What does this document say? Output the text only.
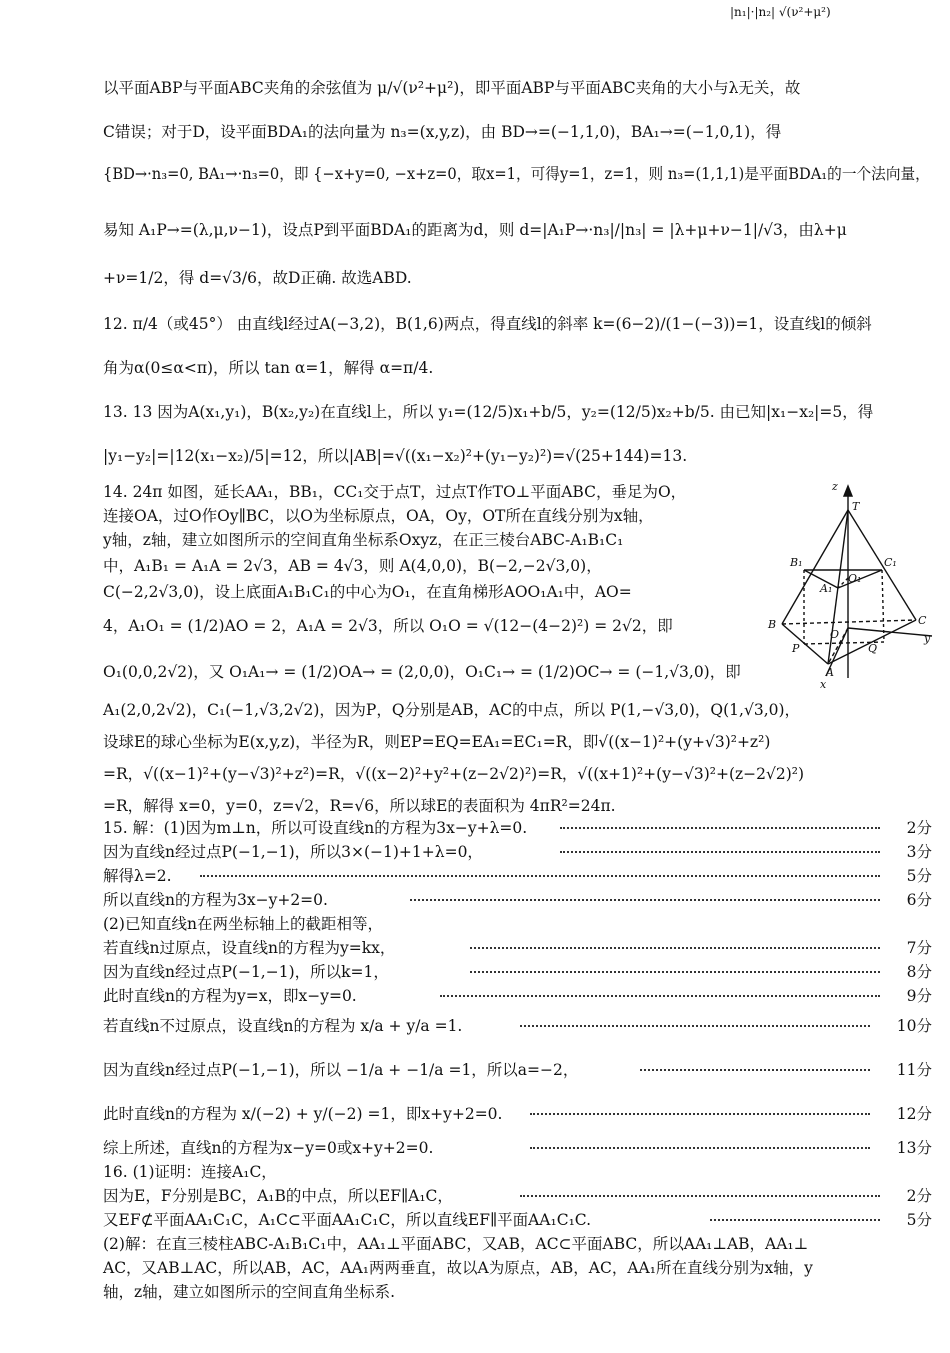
|n₁|·|n₂| √(ν²+μ²)
以平面ABP与平面ABC夹角的余弦值为 μ/√(ν²+μ²)，即平面ABP与平面ABC夹角的大小与λ无关，故
C错误；对于D，设平面BDA₁的法向量为 n₃=(x,y,z)，由 BD→=(−1,1,0)，BA₁→=(−1,0,1)，得
{BD→·n₃=0, BA₁→·n₃=0，即 {−x+y=0, −x+z=0，取x=1，可得y=1，z=1，则 n₃=(1,1,1)是平面BDA₁的一个法向量，
易知 A₁P→=(λ,μ,ν−1)，设点P到平面BDA₁的距离为d，则 d=|A₁P→·n₃|/|n₃| = |λ+μ+ν−1|/√3，由λ+μ
+ν=1/2，得 d=√3/6，故D正确. 故选ABD.
12. π/4（或45°） 由直线l经过A(−3,2)，B(1,6)两点，得直线l的斜率 k=(6−2)/(1−(−3))=1，设直线l的倾斜
角为α(0≤α<π)，所以 tan α=1，解得 α=π/4.
13. 13 因为A(x₁,y₁)，B(x₂,y₂)在直线l上，所以 y₁=(12/5)x₁+b/5，y₂=(12/5)x₂+b/5. 由已知|x₁−x₂|=5，得
|y₁−y₂|=|12(x₁−x₂)/5|=12，所以|AB|=√((x₁−x₂)²+(y₁−y₂)²)=√(25+144)=13.
14. 24π 如图，延长AA₁，BB₁，CC₁交于点T，过点T作TO⊥平面ABC，垂足为O，
连接OA，过O作Oy∥BC，以O为坐标原点，OA，Oy，OT所在直线分别为x轴，
y轴，z轴，建立如图所示的空间直角坐标系Oxyz，在正三棱台ABC-A₁B₁C₁
中，A₁B₁ = A₁A = 2√3，AB = 4√3，则 A(4,0,0)，B(−2,−2√3,0)，
C(−2,2√3,0)，设上底面A₁B₁C₁的中心为O₁，在直角梯形AOO₁A₁中，AO=
4，A₁O₁ = (1/2)AO = 2，A₁A = 2√3，所以 O₁O = √(12−(4−2)²) = 2√2，即
O₁(0,0,2√2)，又 O₁A₁→ = (1/2)OA→ = (2,0,0)，O₁C₁→ = (1/2)OC→ = (−1,√3,0)，即
A₁(2,0,2√2)，C₁(−1,√3,2√2)，因为P，Q分别是AB，AC的中点，所以 P(1,−√3,0)，Q(1,√3,0)，
设球E的球心坐标为E(x,y,z)，半径为R，则EP=EQ=EA₁=EC₁=R，即√((x−1)²+(y+√3)²+z²)
=R，√((x−1)²+(y−√3)²+z²)=R，√((x−2)²+y²+(z−2√2)²)=R，√((x+1)²+(y−√3)²+(z−2√2)²)
=R，解得 x=0，y=0，z=√2，R=√6，所以球E的表面积为 4πR²=24π.
z
T
B₁	C₁
O₁
A₁
B	C
O
P	Q
A
y
x
15. 解：(1)因为m⊥n，所以可设直线n的方程为3x−y+λ=0.	2分
因为直线n经过点P(−1,−1)，所以3×(−1)+1+λ=0，	3分
解得λ=2.	5分
所以直线n的方程为3x−y+2=0.	6分
(2)已知直线n在两坐标轴上的截距相等，
若直线n过原点，设直线n的方程为y=kx，	7分
因为直线n经过点P(−1,−1)，所以k=1，	8分
此时直线n的方程为y=x，即x−y=0.	9分
若直线n不过原点，设直线n的方程为 x/a + y/a =1.	10分
因为直线n经过点P(−1,−1)，所以 −1/a + −1/a =1，所以a=−2，	11分
此时直线n的方程为 x/(−2) + y/(−2) =1，即x+y+2=0.	12分
综上所述，直线n的方程为x−y=0或x+y+2=0.	13分
16. (1)证明：连接A₁C，
因为E，F分别是BC，A₁B的中点，所以EF∥A₁C，	2分
又EF⊄平面AA₁C₁C，A₁C⊂平面AA₁C₁C，所以直线EF∥平面AA₁C₁C.	5分
(2)解：在直三棱柱ABC-A₁B₁C₁中，AA₁⊥平面ABC，又AB，AC⊂平面ABC，所以AA₁⊥AB，AA₁⊥
AC，又AB⊥AC，所以AB，AC，AA₁两两垂直，故以A为原点，AB，AC，AA₁所在直线分别为x轴，y
轴，z轴，建立如图所示的空间直角坐标系.
